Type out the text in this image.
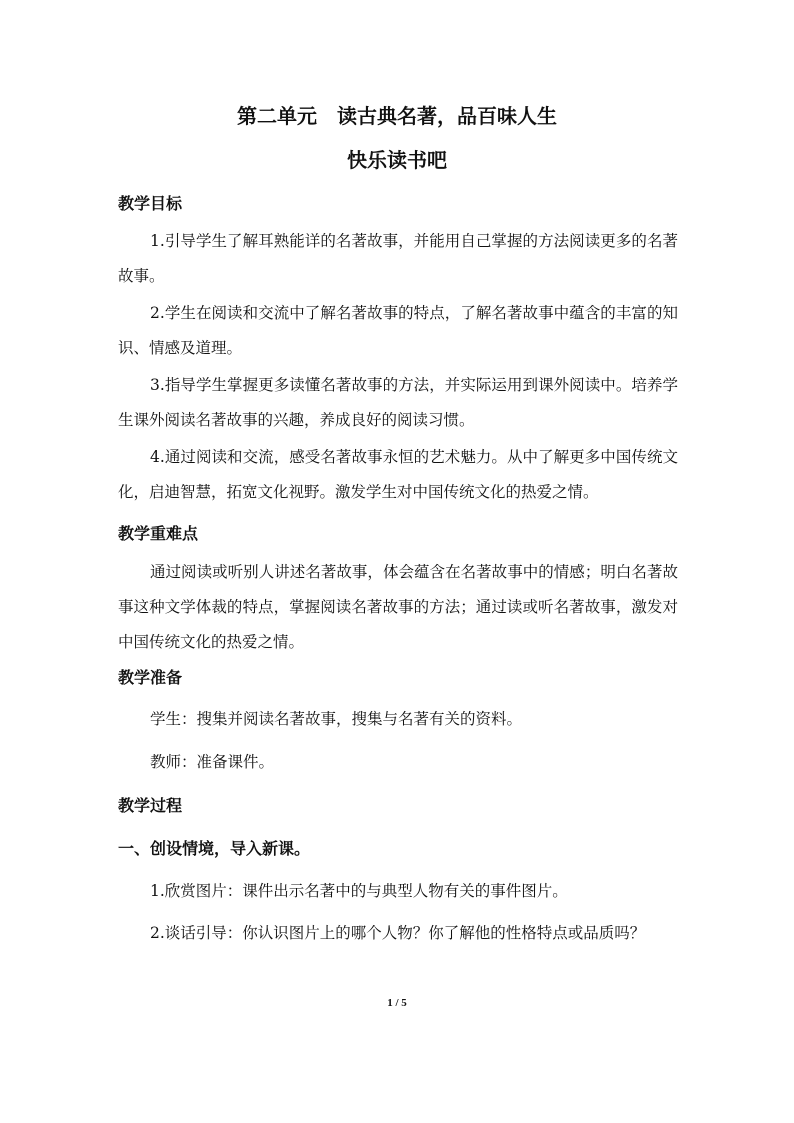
第二单元　读古典名著，品百味人生
快乐读书吧
教学目标
1.引导学生了解耳熟能详的名著故事，并能用自己掌握的方法阅读更多的名著故事。
2.学生在阅读和交流中了解名著故事的特点，了解名著故事中蕴含的丰富的知识、情感及道理。
3.指导学生掌握更多读懂名著故事的方法，并实际运用到课外阅读中。培养学生课外阅读名著故事的兴趣，养成良好的阅读习惯。
4.通过阅读和交流，感受名著故事永恒的艺术魅力。从中了解更多中国传统文化，启迪智慧，拓宽文化视野。激发学生对中国传统文化的热爱之情。
教学重难点
通过阅读或听别人讲述名著故事，体会蕴含在名著故事中的情感；明白名著故事这种文学体裁的特点，掌握阅读名著故事的方法；通过读或听名著故事，激发对中国传统文化的热爱之情。
教学准备
学生：搜集并阅读名著故事，搜集与名著有关的资料。
教师：准备课件。
教学过程
一、创设情境，导入新课。
1.欣赏图片：课件出示名著中的与典型人物有关的事件图片。
2.谈话引导：你认识图片上的哪个人物？你了解他的性格特点或品质吗？
1 / 5
